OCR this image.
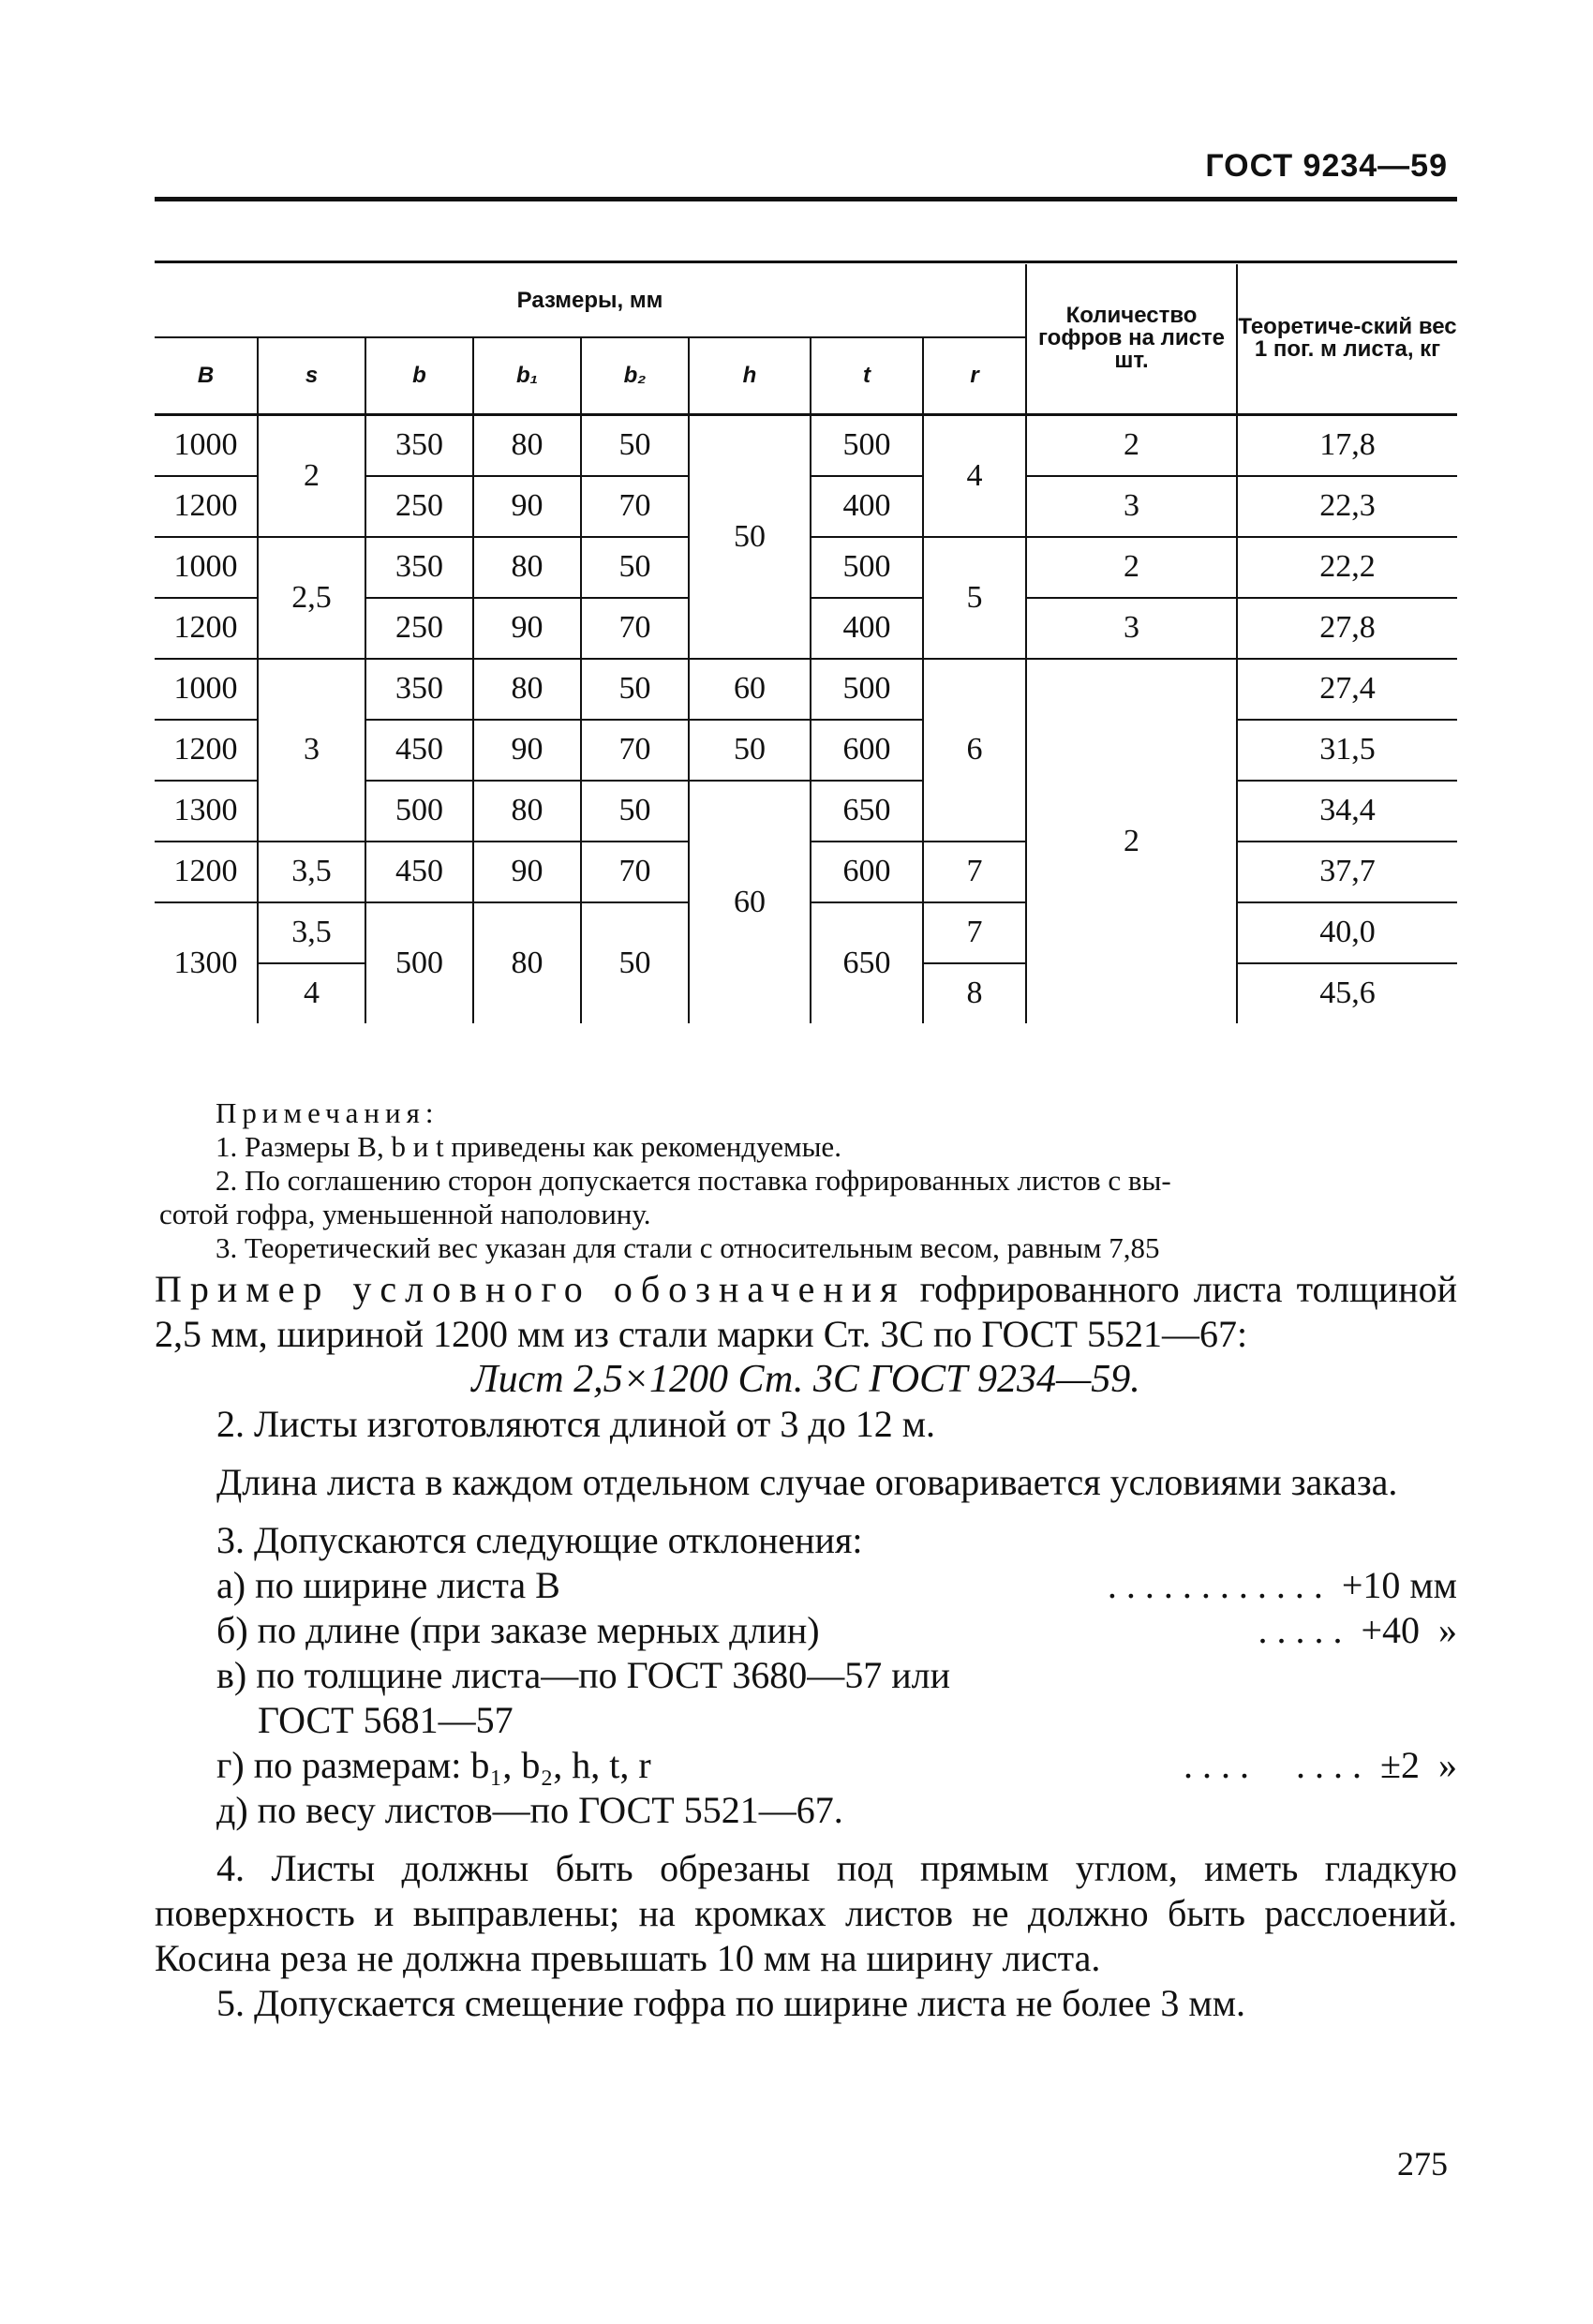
ГОСТ 9234—59
Размеры, мм								Количество гофров на листе шт.	Теоретиче-ский вес 1 пог. м листа, кг
B	s	b	b₁	b₂	h	t	r		
1000	2	350	80	50	50	500	4	2	17,8
1200		250	90	70		400		3	22,3
1000	2,5	350	80	50		500	5	2	22,2
1200		250	90	70		400		3	27,8
1000	3	350	80	50	60	500	6	2	27,4
1200		450	90	70	50	600			31,5
1300		500	80	50	60	650			34,4
1200	3,5	450	90	70		600	7		37,7
1300	3,5	500	80	50		650	7		40,0
	4						8		45,6

Примечания:

1. Размеры B, b и t приведены как рекомендуемые.

2. По соглашению сторон допускается поставка гофрированных листов с вы-

сотой гофра, уменьшенной наполовину.

3. Теоретический вес указан для стали с относительным весом, равным 7,85

Пример условного обозначения гофрированного листа толщиной 2,5 мм, шириной 1200 мм из стали марки Ст. 3С по ГОСТ 5521—67:

Лист 2,5×1200 Ст. 3С ГОСТ 9234—59.

2. Листы изготовляются длиной от 3 до 12 м.

Длина листа в каждом отдельном случае оговаривается условиями заказа.

3. Допускаются следующие отклонения:

а) по ширине листа B	. . . . . . . . . . . .  +10 мм
б) по длине (при заказе мерных длин)	. . . . .  +40  »
в) по толщине листа—по ГОСТ 3680—57 или

ГОСТ 5681—57

г) по размерам: b₁, b₂, h, t, r	. . . .     . . . .  ±2  »
д) по весу листов—по ГОСТ 5521—67.

4. Листы должны быть обрезаны под прямым углом, иметь гладкую поверхность и выправлены; на кромках листов не должно быть расслоений. Косина реза не должна превышать 10 мм на ширину листа.

5. Допускается смещение гофра по ширине листа не более 3 мм.

275
